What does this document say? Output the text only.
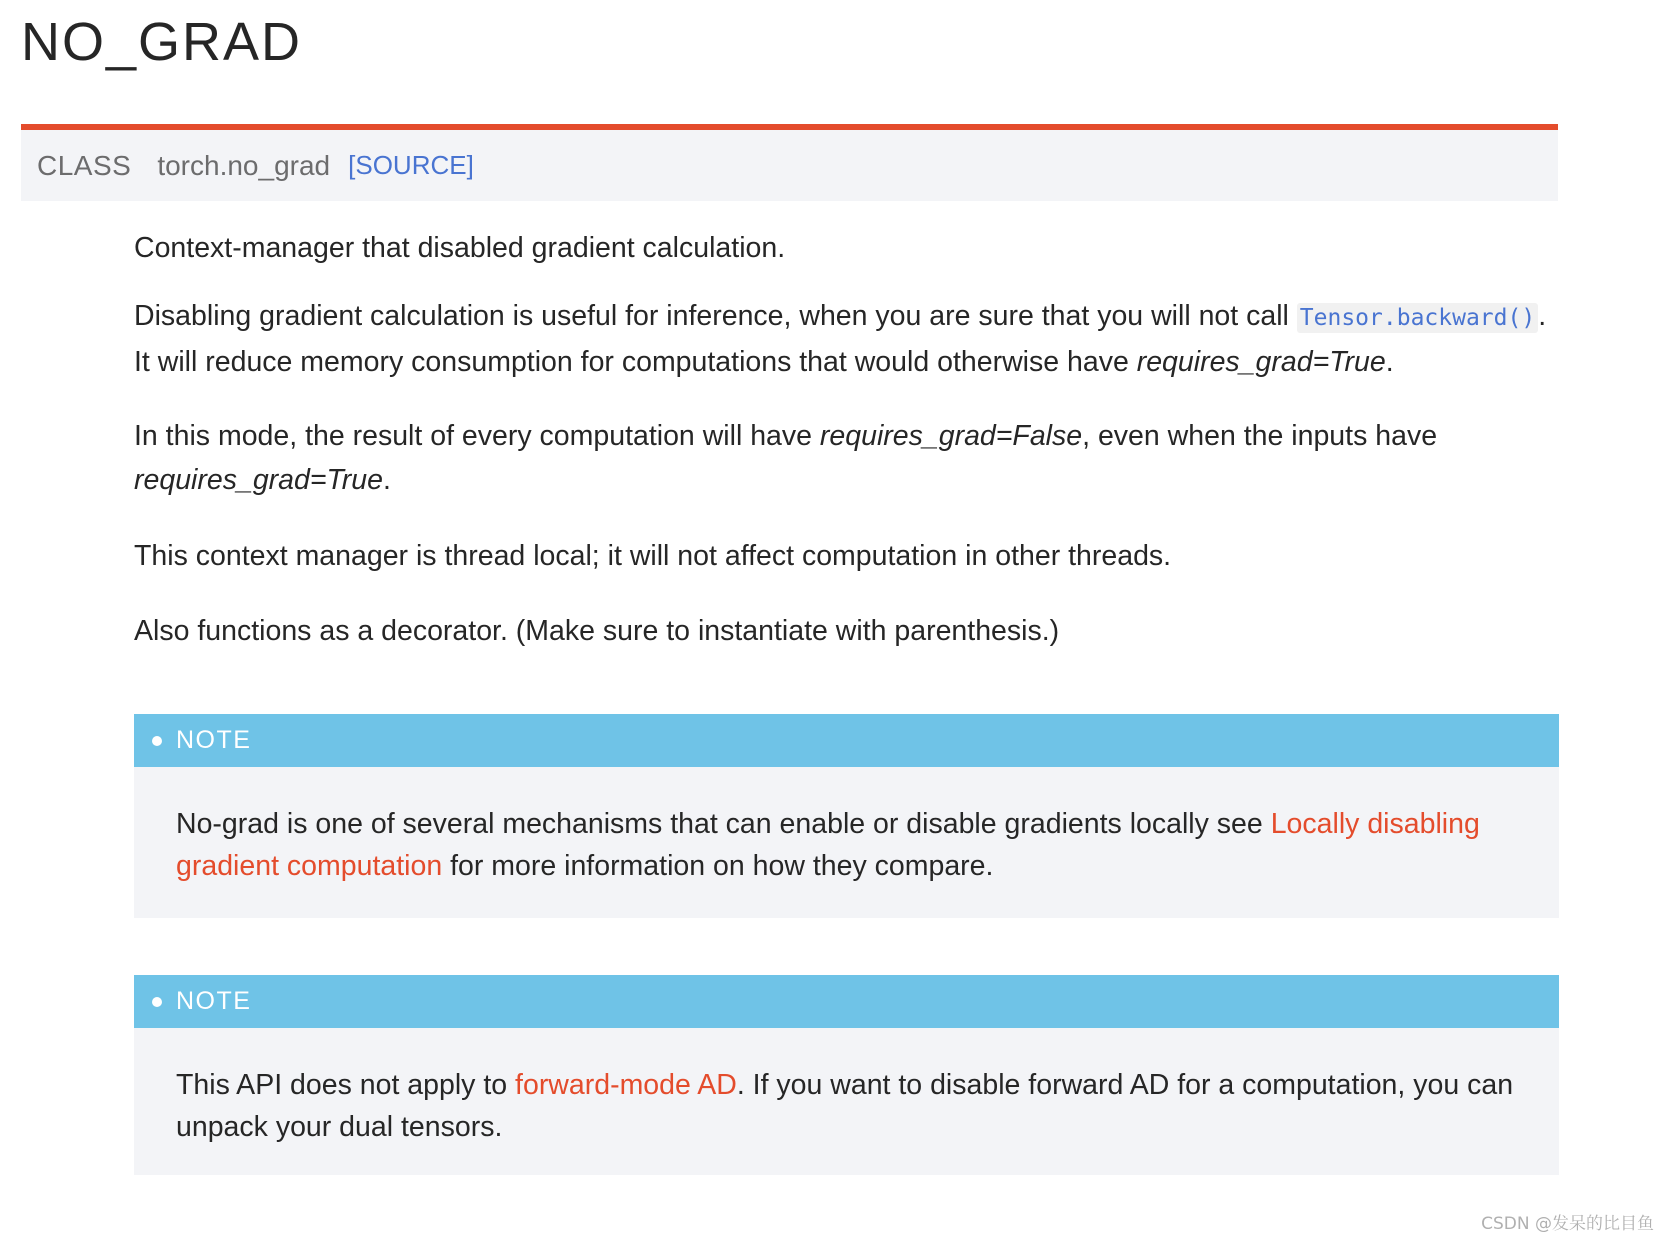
NO_GRAD
CLASS torch.no_grad [SOURCE]

Context-manager that disabled gradient calculation.

Disabling gradient calculation is useful for inference, when you are sure that you will not call Tensor.backward() . It will reduce memory consumption for computations that would otherwise have requires_grad=True.

In this mode, the result of every computation will have requires_grad=False, even when the inputs have
requires_grad=True.

This context manager is thread local; it will not affect computation in other threads.

Also functions as a decorator. (Make sure to instantiate with parenthesis.)

NOTE

No-grad is one of several mechanisms that can enable or disable gradients locally see Locally disabling gradient computation for more information on how they compare.

NOTE

This API does not apply to forward-mode AD. If you want to disable forward AD for a computation, you can unpack your dual tensors.

CSDN @发呆的比目鱼
